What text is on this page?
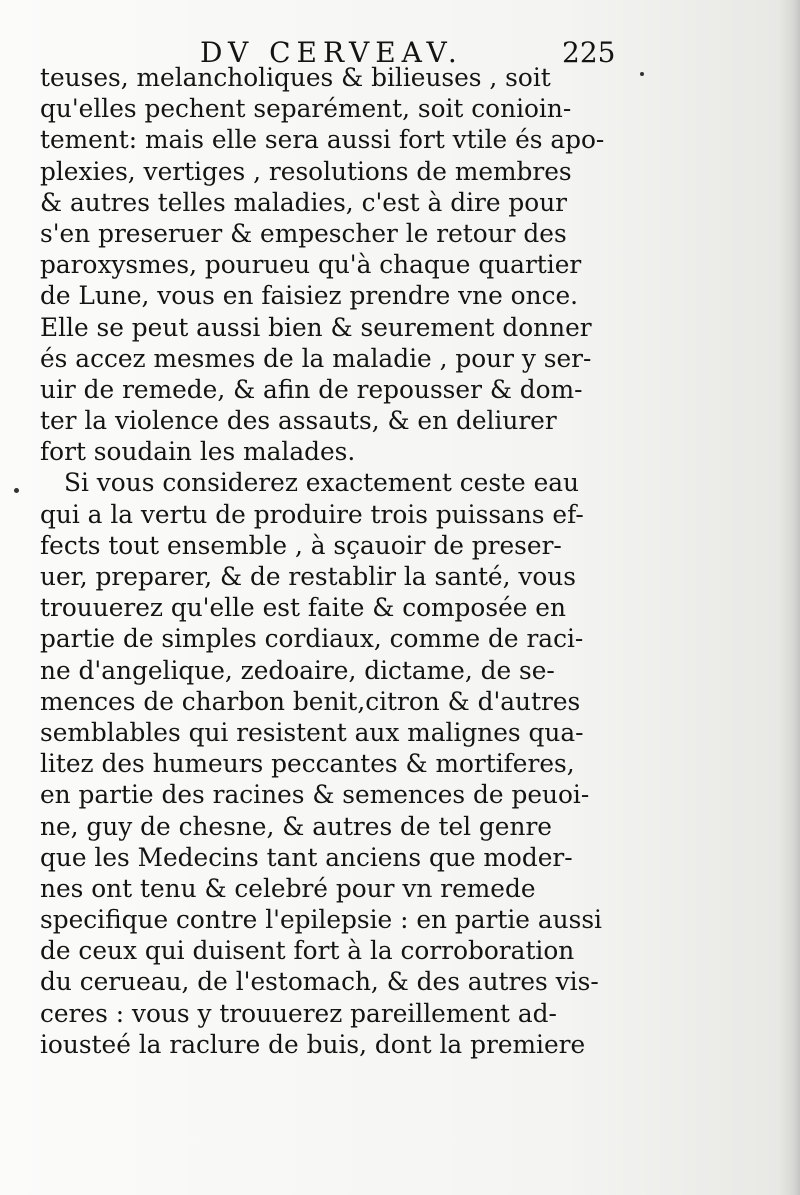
DV CERVEAV.	225
teuses, melancholiques & bilieuses , soit
qu'elles pechent separément, soit conioin-
tement: mais elle sera aussi fort vtile és apo-
plexies, vertiges , resolutions de membres
& autres telles maladies, c'est à dire pour
s'en preseruer & empescher le retour des
paroxysmes, pourueu qu'à chaque quartier
de Lune, vous en faisiez prendre vne once.
Elle se peut aussi bien & seurement donner
és accez mesmes de la maladie , pour y ser-
uir de remede, & afin de repousser & dom-
ter la violence des assauts, & en deliurer
fort soudain les malades.
Si vous considerez exactement ceste eau
qui a la vertu de produire trois puissans ef-
fects tout ensemble , à sçauoir de preser-
uer, preparer, & de restablir la santé, vous
trouuerez qu'elle est faite & composée en
partie de simples cordiaux, comme de raci-
ne d'angelique, zedoaire, dictame, de se-
mences de charbon benit,citron & d'autres
semblables qui resistent aux malignes qua-
litez des humeurs peccantes & mortiferes,
en partie des racines & semences de peuoi-
ne, guy de chesne, & autres de tel genre
que les Medecins tant anciens que moder-
nes ont tenu & celebré pour vn remede
specifique contre l'epilepsie : en partie aussi
de ceux qui duisent fort à la corroboration
du cerueau, de l'estomach, & des autres vis-
ceres : vous y trouuerez pareillement ad-
iousteé la raclure de buis, dont la premiere
